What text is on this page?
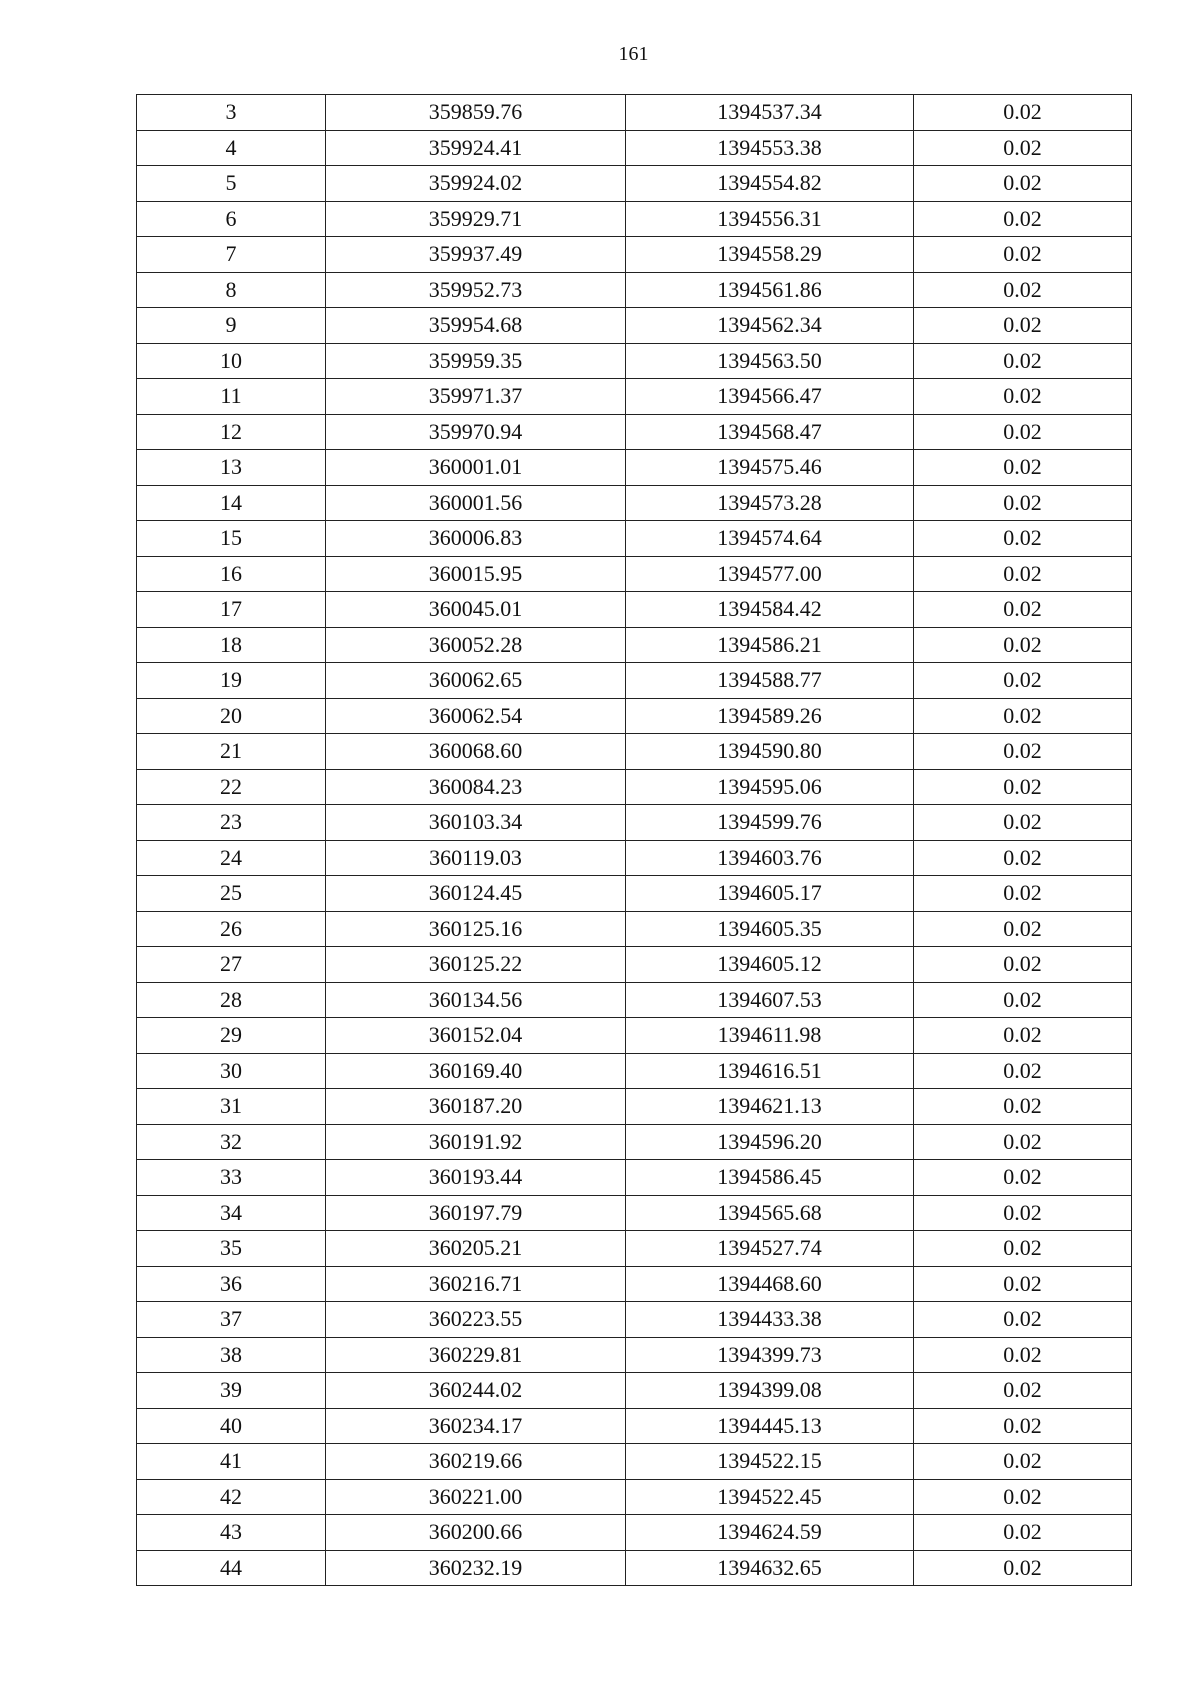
161
3	359859.76	1394537.34	0.02
4	359924.41	1394553.38	0.02
5	359924.02	1394554.82	0.02
6	359929.71	1394556.31	0.02
7	359937.49	1394558.29	0.02
8	359952.73	1394561.86	0.02
9	359954.68	1394562.34	0.02
10	359959.35	1394563.50	0.02
11	359971.37	1394566.47	0.02
12	359970.94	1394568.47	0.02
13	360001.01	1394575.46	0.02
14	360001.56	1394573.28	0.02
15	360006.83	1394574.64	0.02
16	360015.95	1394577.00	0.02
17	360045.01	1394584.42	0.02
18	360052.28	1394586.21	0.02
19	360062.65	1394588.77	0.02
20	360062.54	1394589.26	0.02
21	360068.60	1394590.80	0.02
22	360084.23	1394595.06	0.02
23	360103.34	1394599.76	0.02
24	360119.03	1394603.76	0.02
25	360124.45	1394605.17	0.02
26	360125.16	1394605.35	0.02
27	360125.22	1394605.12	0.02
28	360134.56	1394607.53	0.02
29	360152.04	1394611.98	0.02
30	360169.40	1394616.51	0.02
31	360187.20	1394621.13	0.02
32	360191.92	1394596.20	0.02
33	360193.44	1394586.45	0.02
34	360197.79	1394565.68	0.02
35	360205.21	1394527.74	0.02
36	360216.71	1394468.60	0.02
37	360223.55	1394433.38	0.02
38	360229.81	1394399.73	0.02
39	360244.02	1394399.08	0.02
40	360234.17	1394445.13	0.02
41	360219.66	1394522.15	0.02
42	360221.00	1394522.45	0.02
43	360200.66	1394624.59	0.02
44	360232.19	1394632.65	0.02
